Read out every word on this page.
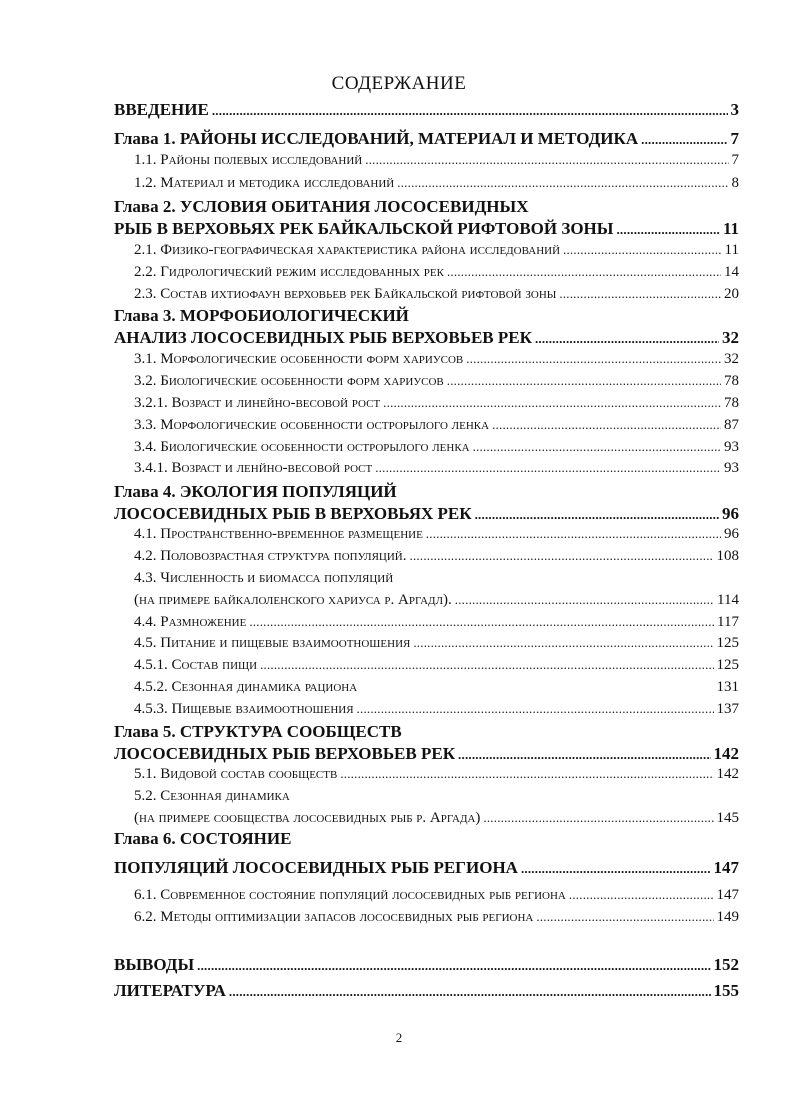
СОДЕРЖАНИЕ
ВВЕДЕНИЕ .....	3
Глава 1. РАЙОНЫ ИССЛЕДОВАНИЙ, МАТЕРИАЛ И МЕТОДИКА .....	7
1.1. Районы полевых исследований .....	7
1.2. Материал и методика исследований .....	8
Глава 2. УСЛОВИЯ ОБИТАНИЯ ЛОСОСЕВИДНЫХ
РЫБ В ВЕРХОВЬЯХ РЕК БАЙКАЛЬСКОЙ РИФТОВОЙ ЗОНЫ .....	11
2.1. Физико-географическая характеристика района исследований .....	11
2.2. Гидрологический режим исследованных рек .....	14
2.3. Состав ихтиофаун верховьев рек Байкальской рифтовой зоны .....	20
Глава 3. МОРФОБИОЛОГИЧЕСКИЙ
АНАЛИЗ ЛОСОСЕВИДНЫХ РЫБ ВЕРХОВЬЕВ РЕК .....	32
3.1. Морфологические особенности форм хариусов .....	32
3.2. Биологические особенности форм хариусов .....	78
3.2.1. Возраст и линейно-весовой рост .....	78
3.3. Морфологические особенности острорылого ленка .....	87
3.4. Биологические особенности острорылого ленка .....	93
3.4.1. Возраст и ленйно-весовой рост .....	93
Глава 4. ЭКОЛОГИЯ ПОПУЛЯЦИЙ
ЛОСОСЕВИДНЫХ РЫБ В ВЕРХОВЬЯХ РЕК .....	96
4.1. Пространственно-временное размещение .....	96
4.2. Половозрастная структура популяций. .....	108
4.3. Численность и биомасса популяций
(на примере байкалоленского хариуса р. Аргадл). .....	114
4.4. Размножение .....	117
4.5. Питание и пищевые взаимоотношения .....	125
4.5.1. Состав пищи .....	125
4.5.2. Сезонная динамика рациона	131
4.5.3. Пищевые взаимоотношения .....	137
Глава 5. СТРУКТУРА СООБЩЕСТВ
ЛОСОСЕВИДНЫХ РЫБ ВЕРХОВЬЕВ РЕК .....	142
5.1. Видовой состав сообществ .....	142
5.2. Сезонная динамика
(на примере сообщества лососевидных рыб р. Аргада) .....	145
Глава 6. СОСТОЯНИЕ
ПОПУЛЯЦИЙ ЛОСОСЕВИДНЫХ РЫБ РЕГИОНА .....	147
6.1. Современное состояние популяций лососевидных рыб региона .....	147
6.2. Методы оптимизации запасов лососевидных рыб региона .....	149
ВЫВОДЫ .....	152
ЛИТЕРАТУРА .....	155
2
